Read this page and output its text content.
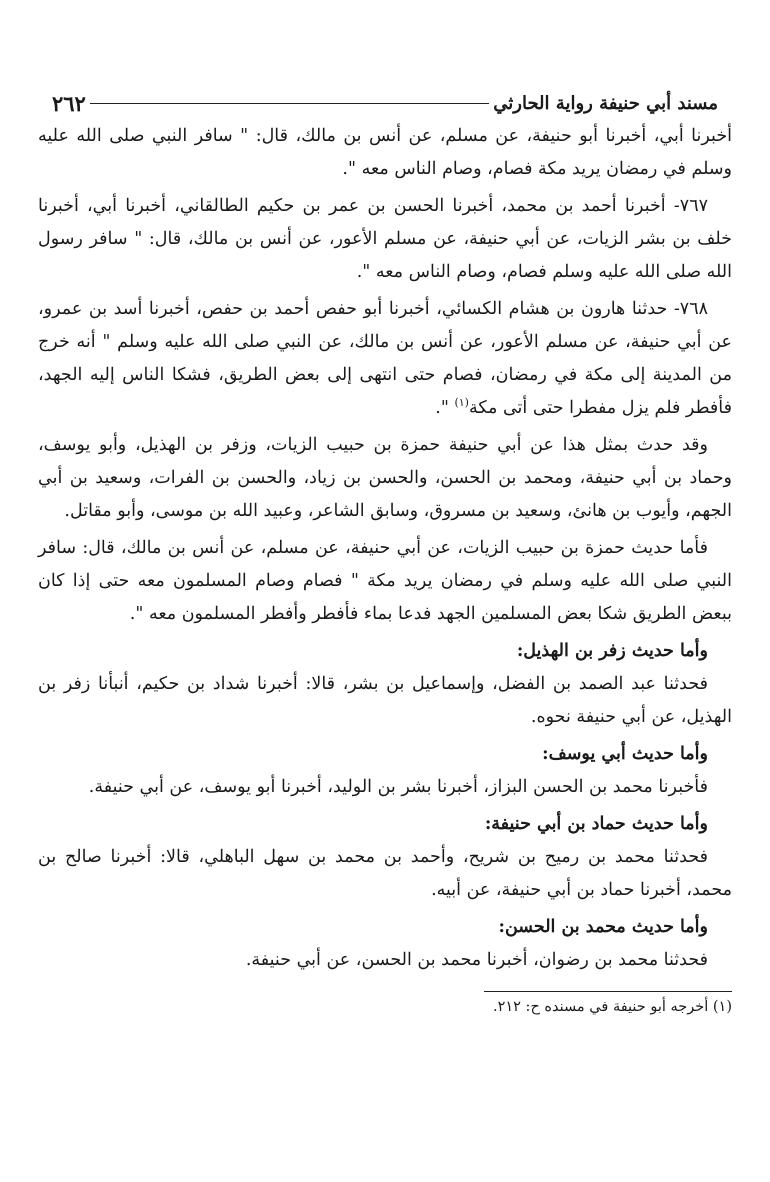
مسند أبي حنيفة رواية الحارثي
٢٦٢

أخبرنا أبي، أخبرنا أبو حنيفة، عن مسلم، عن أنس بن مالك، قال: " سافر النبي صلى الله عليه وسلم في رمضان يريد مكة فصام، وصام الناس معه ".

٧٦٧- أخبرنا أحمد بن محمد، أخبرنا الحسن بن عمر بن حكيم الطالقاني، أخبرنا أبي، أخبرنا خلف بن بشر الزيات، عن أبي حنيفة، عن مسلم الأعور، عن أنس بن مالك، قال: " سافر رسول الله صلى الله عليه وسلم فصام، وصام الناس معه ".

٧٦٨- حدثنا هارون بن هشام الكسائي، أخبرنا أبو حفص أحمد بن حفص، أخبرنا أسد بن عمرو، عن أبي حنيفة، عن مسلم الأعور، عن أنس بن مالك، عن النبي صلى الله عليه وسلم " أنه خرج من المدينة إلى مكة في رمضان، فصام حتى انتهى إلى بعض الطريق، فشكا الناس إليه الجهد، فأفطر فلم يزل مفطرا حتى أتى مكة$^{(١)}$ ".

وقد حدث بمثل هذا عن أبي حنيفة حمزة بن حبيب الزيات، وزفر بن الهذيل، وأبو يوسف، وحماد بن أبي حنيفة، ومحمد بن الحسن، والحسن بن زياد، والحسن بن الفرات، وسعيد بن أبي الجهم، وأيوب بن هانئ، وسعيد بن مسروق، وسابق الشاعر، وعبيد الله بن موسى، وأبو مقاتل.

فأما حديث حمزة بن حبيب الزيات، عن أبي حنيفة، عن مسلم، عن أنس بن مالك، قال: سافر النبي صلى الله عليه وسلم في رمضان يريد مكة " فصام وصام المسلمون معه حتى إذا كان ببعض الطريق شكا بعض المسلمين الجهد فدعا بماء فأفطر وأفطر المسلمون معه ".

وأما حديث زفر بن الهذيل:

فحدثنا عبد الصمد بن الفضل، وإسماعيل بن بشر، قالا: أخبرنا شداد بن حكيم، أنبأنا زفر بن الهذيل، عن أبي حنيفة نحوه.

وأما حديث أبي يوسف:

فأخبرنا محمد بن الحسن البزاز، أخبرنا بشر بن الوليد، أخبرنا أبو يوسف، عن أبي حنيفة.

وأما حديث حماد بن أبي حنيفة:

فحدثنا محمد بن رميح بن شريح، وأحمد بن محمد بن سهل الباهلي، قالا: أخبرنا صالح بن محمد، أخبرنا حماد بن أبي حنيفة، عن أبيه.

وأما حديث محمد بن الحسن:

فحدثنا محمد بن رضوان، أخبرنا محمد بن الحسن، عن أبي حنيفة.

(١) أخرجه أبو حنيفة في مسنده ح: ٢١٢.
